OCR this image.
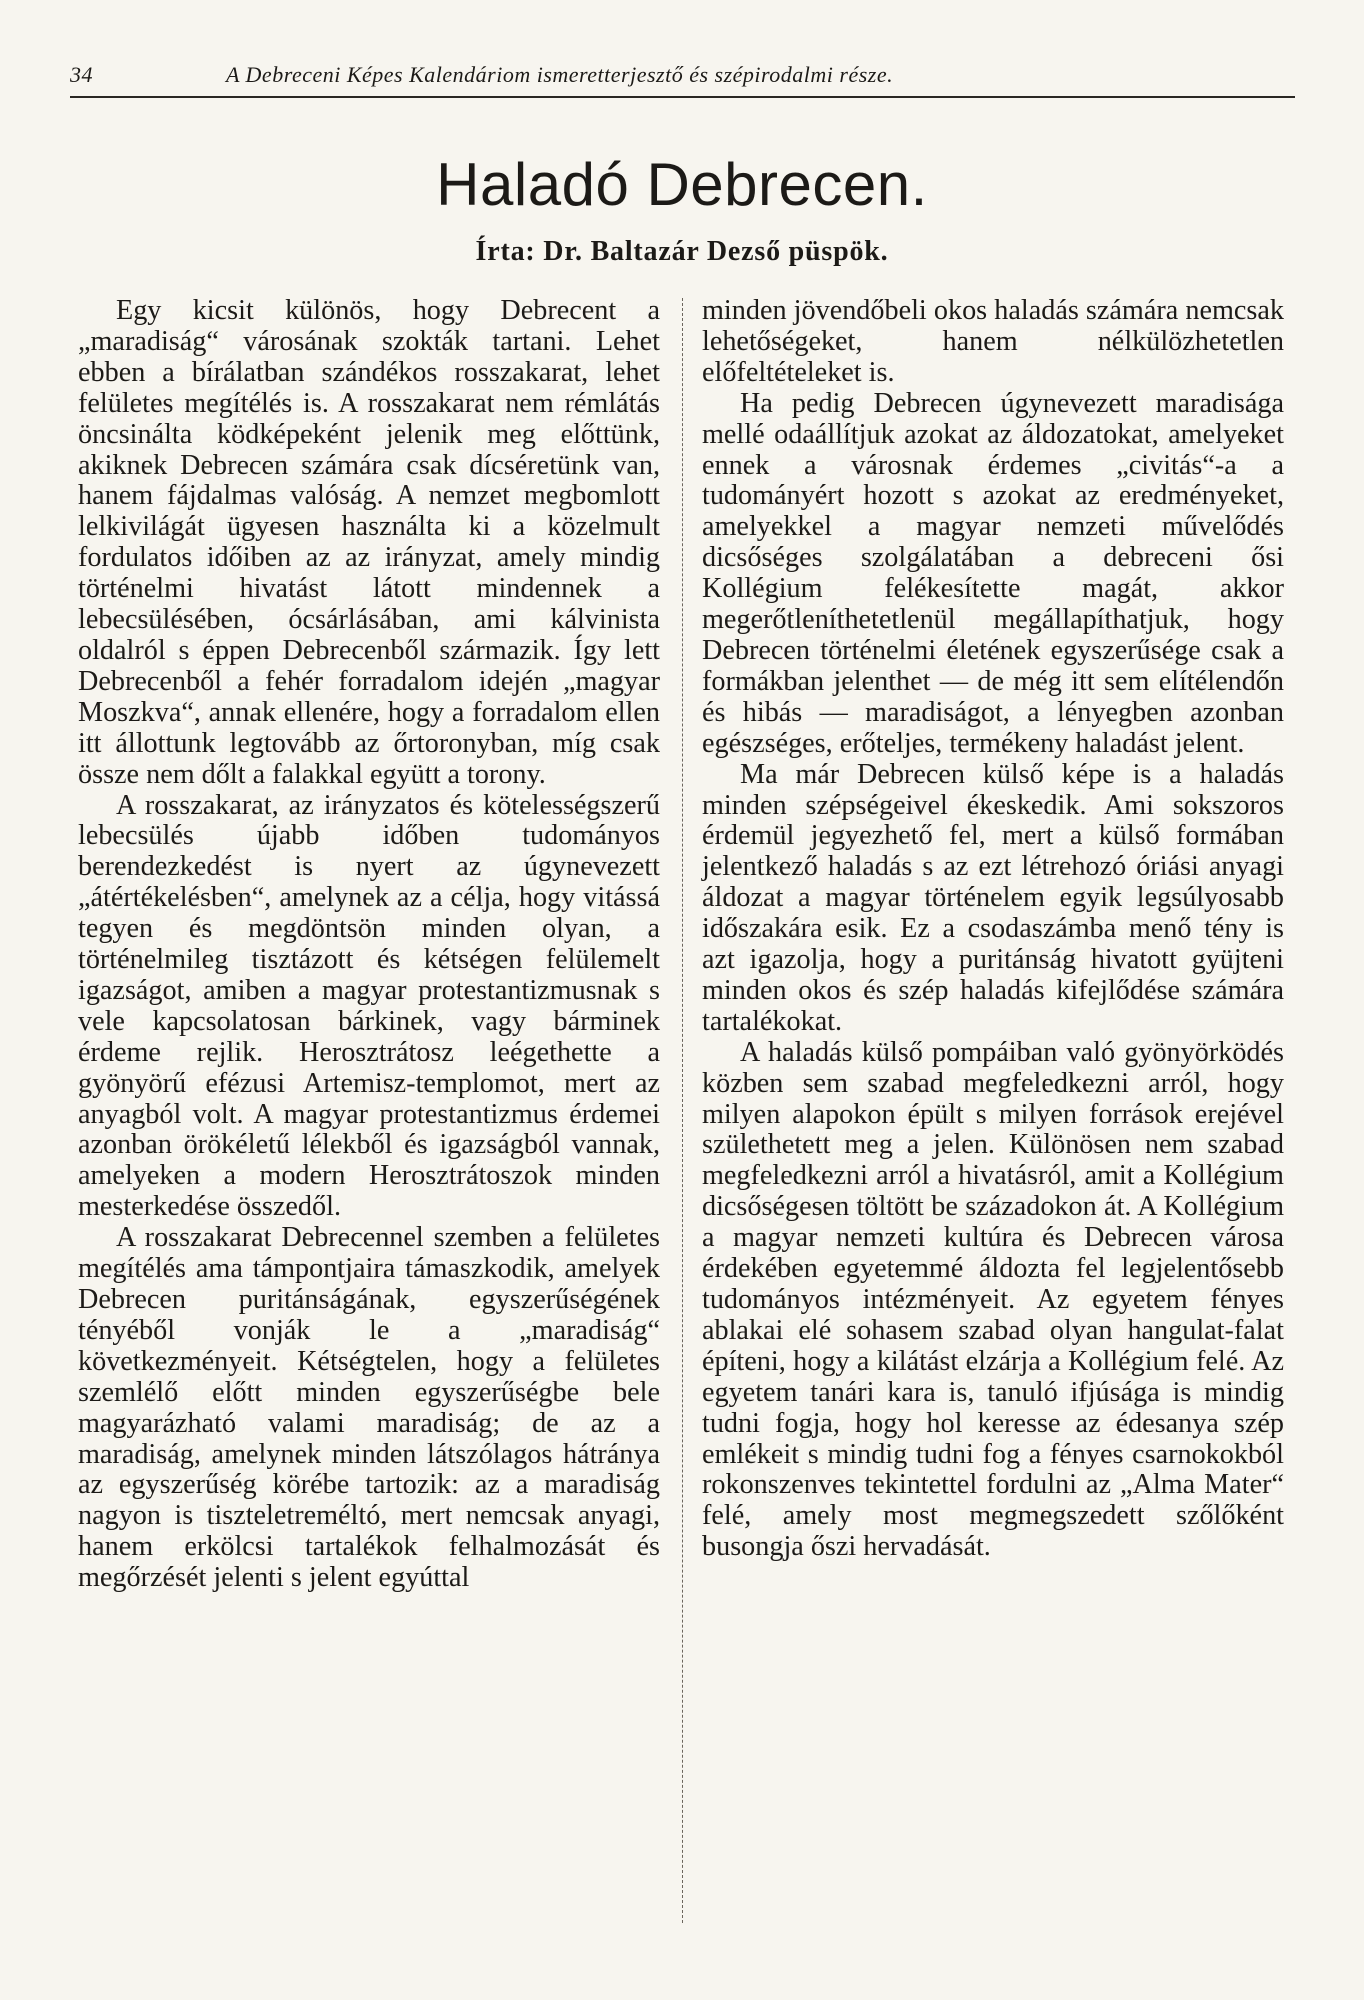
34	A Debreceni Képes Kalendáriom ismeretterjesztő és szépirodalmi része.
Haladó Debrecen.
Írta: Dr. Baltazár Dezső püspök.

Egy kicsit különös, hogy Debrecent a „maradiság“ városának szokták tartani. Lehet ebben a bírálatban szándékos rosszakarat, lehet felületes megítélés is. A rosszakarat nem rémlátás öncsinálta ködképeként jelenik meg előttünk, akiknek Debrecen számára csak dícséretünk van, hanem fájdalmas valóság. A nemzet megbomlott lelkivilágát ügyesen használta ki a közelmult fordulatos időiben az az irányzat, amely mindig történelmi hivatást látott mindennek a lebecsülésében, ócsárlásában, ami kálvinista oldalról s éppen Debrecenből származik. Így lett Debrecenből a fehér forradalom idején „magyar Moszkva“, annak ellenére, hogy a forradalom ellen itt állottunk legtovább az őrtoronyban, míg csak össze nem dőlt a falakkal együtt a torony.

A rosszakarat, az irányzatos és kötelességszerű lebecsülés újabb időben tudományos berendezkedést is nyert az úgynevezett „átértékelésben“, amelynek az a célja, hogy vitássá tegyen és megdöntsön minden olyan, a történelmileg tisztázott és kétségen felülemelt igazságot, amiben a magyar protestantizmusnak s vele kapcsolatosan bárkinek, vagy bárminek érdeme rejlik. Herosztrátosz leégethette a gyönyörű efézusi Artemisz-templomot, mert az anyagból volt. A magyar protestantizmus érdemei azonban örökéletű lélekből és igazságból vannak, amelyeken a modern Herosztrátoszok minden mesterkedése összedől.

A rosszakarat Debrecennel szemben a felületes megítélés ama támpontjaira támaszkodik, amelyek Debrecen puritánságának, egyszerűségének tényéből vonják le a „maradiság“ következményeit. Kétségtelen, hogy a felületes szemlélő előtt minden egyszerűségbe bele magyarázható valami maradiság; de az a maradiság, amelynek minden látszólagos hátránya az egyszerűség körébe tartozik: az a maradiság nagyon is tiszteletreméltó, mert nemcsak anyagi, hanem erkölcsi tartalékok felhalmozását és megőrzését jelenti s jelent egyúttal

minden jövendőbeli okos haladás számára nemcsak lehetőségeket, hanem nélkülözhetetlen előfeltételeket is.

Ha pedig Debrecen úgynevezett maradisága mellé odaállítjuk azokat az áldozatokat, amelyeket ennek a városnak érdemes „civitás“-a a tudományért hozott s azokat az eredményeket, amelyekkel a magyar nemzeti művelődés dicsőséges szolgálatában a debreceni ősi Kollégium felékesítette magát, akkor megerőtleníthetetlenül megállapíthatjuk, hogy Debrecen történelmi életének egyszerűsége csak a formákban jelenthet — de még itt sem elítélendőn és hibás — maradiságot, a lényegben azonban egészséges, erőteljes, termékeny haladást jelent.

Ma már Debrecen külső képe is a haladás minden szépségeivel ékeskedik. Ami sokszoros érdemül jegyezhető fel, mert a külső formában jelentkező haladás s az ezt létrehozó óriási anyagi áldozat a magyar történelem egyik legsúlyosabb időszakára esik. Ez a csodaszámba menő tény is azt igazolja, hogy a puritánság hivatott gyüjteni minden okos és szép haladás kifejlődése számára tartalékokat.

A haladás külső pompáiban való gyönyörködés közben sem szabad megfeledkezni arról, hogy milyen alapokon épült s milyen források erejével születhetett meg a jelen. Különösen nem szabad megfeledkezni arról a hivatásról, amit a Kollégium dicsőségesen töltött be századokon át. A Kollégium a magyar nemzeti kultúra és Debrecen városa érdekében egyetemmé áldozta fel legjelentősebb tudományos intézményeit. Az egyetem fényes ablakai elé sohasem szabad olyan hangulat-falat építeni, hogy a kilátást elzárja a Kollégium felé. Az egyetem tanári kara is, tanuló ifjúsága is mindig tudni fogja, hogy hol keresse az édesanya szép emlékeit s mindig tudni fog a fényes csarnokokból rokonszenves tekintettel fordulni az „Alma Mater“ felé, amely most megmegszedett szőlőként busongja őszi hervadását.
